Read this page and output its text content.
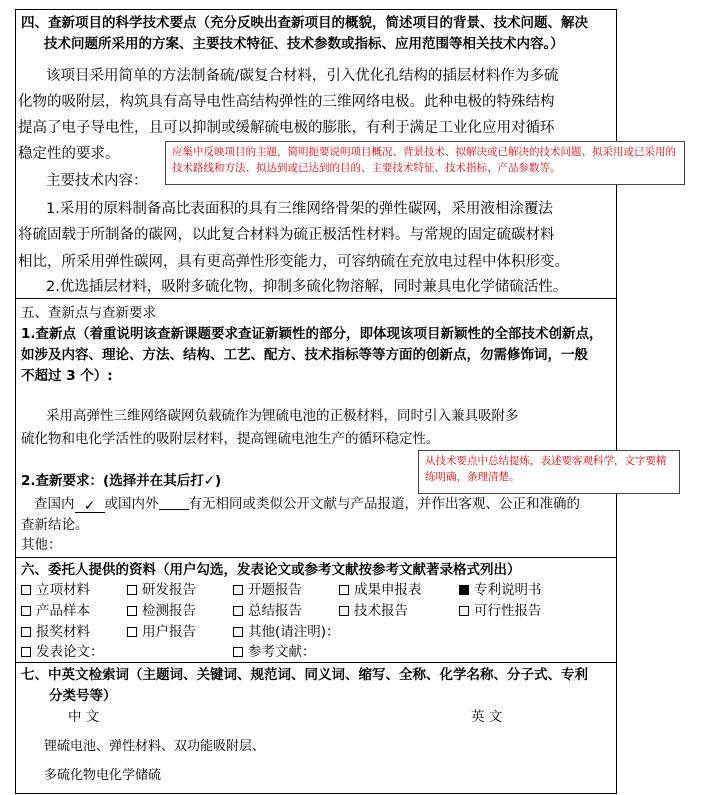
四、查新项目的科学技术要点（充分反映出查新项目的概貌，简述项目的背景、技术问题、解决
技术问题所采用的方案、主要技术特征、技术参数或指标、应用范围等相关技术内容。）
该项目采用简单的方法制备硫/碳复合材料，引入优化孔结构的插层材料作为多硫
化物的吸附层，构筑具有高导电性高结构弹性的三维网络电极。此种电极的特殊结构
提高了电子导电性，且可以抑制或缓解硫电极的膨胀，有利于满足工业化应用对循环
稳定性的要求。
主要技术内容：
1.采用的原料制备高比表面积的具有三维网络骨架的弹性碳网，采用液相涂覆法
将硫固载于所制备的碳网，以此复合材料为硫正极活性材料。与常规的固定硫碳材料
相比，所采用弹性碳网，具有更高弹性形变能力，可容纳硫在充放电过程中体积形变。
2.优选插层材料，吸附多硫化物，抑制多硫化物溶解，同时兼具电化学储硫活性。
五、查新点与查新要求
1.查新点（着重说明该查新课题要求查证新颖性的部分，即体现该项目新颖性的全部技术创新点，
如涉及内容、理论、方法、结构、工艺、配方、技术指标等等方面的创新点，勿需修饰词，一般
不超过 3 个）:
采用高弹性三维网络碳网负载硫作为锂硫电池的正极材料，同时引入兼具吸附多
硫化物和电化学活性的吸附层材料，提高锂硫电池生产的循环稳定性。
2.查新要求：(选择并在其后打✓)
查国内 ✓ 或国内外 有无相同或类似公开文献与产品报道，并作出客观、公正和准确的
查新结论。
其他：
六、委托人提供的资料（用户勾选，发表论文或参考文献按参考文献著录格式列出）
立项材料	研发报告	开题报告	成果申报表	专利说明书
产品样本	检测报告	总结报告	技术报告	可行性报告
报奖材料	用户报告	其他(请注明)：
发表论文：	参考文献：
七、中英文检索词（主题词、关键词、规范词、同义词、缩写、全称、化学名称、分子式、专利
分类号等）
中 文	英 文
锂硫电池、弹性材料、双功能吸附层、
多硫化物电化学储硫
应集中反映项目的主题，简明扼要说明项目概况、背景技术、拟解决或已解决的技术问题、拟采用或已采用的技术路线和方法、拟达到或已达到的目的、主要技术特征、技术指标、产品参数等。
从技术要点中总结提炼，表述要客观科学，文字要精练明确，条理清楚。
